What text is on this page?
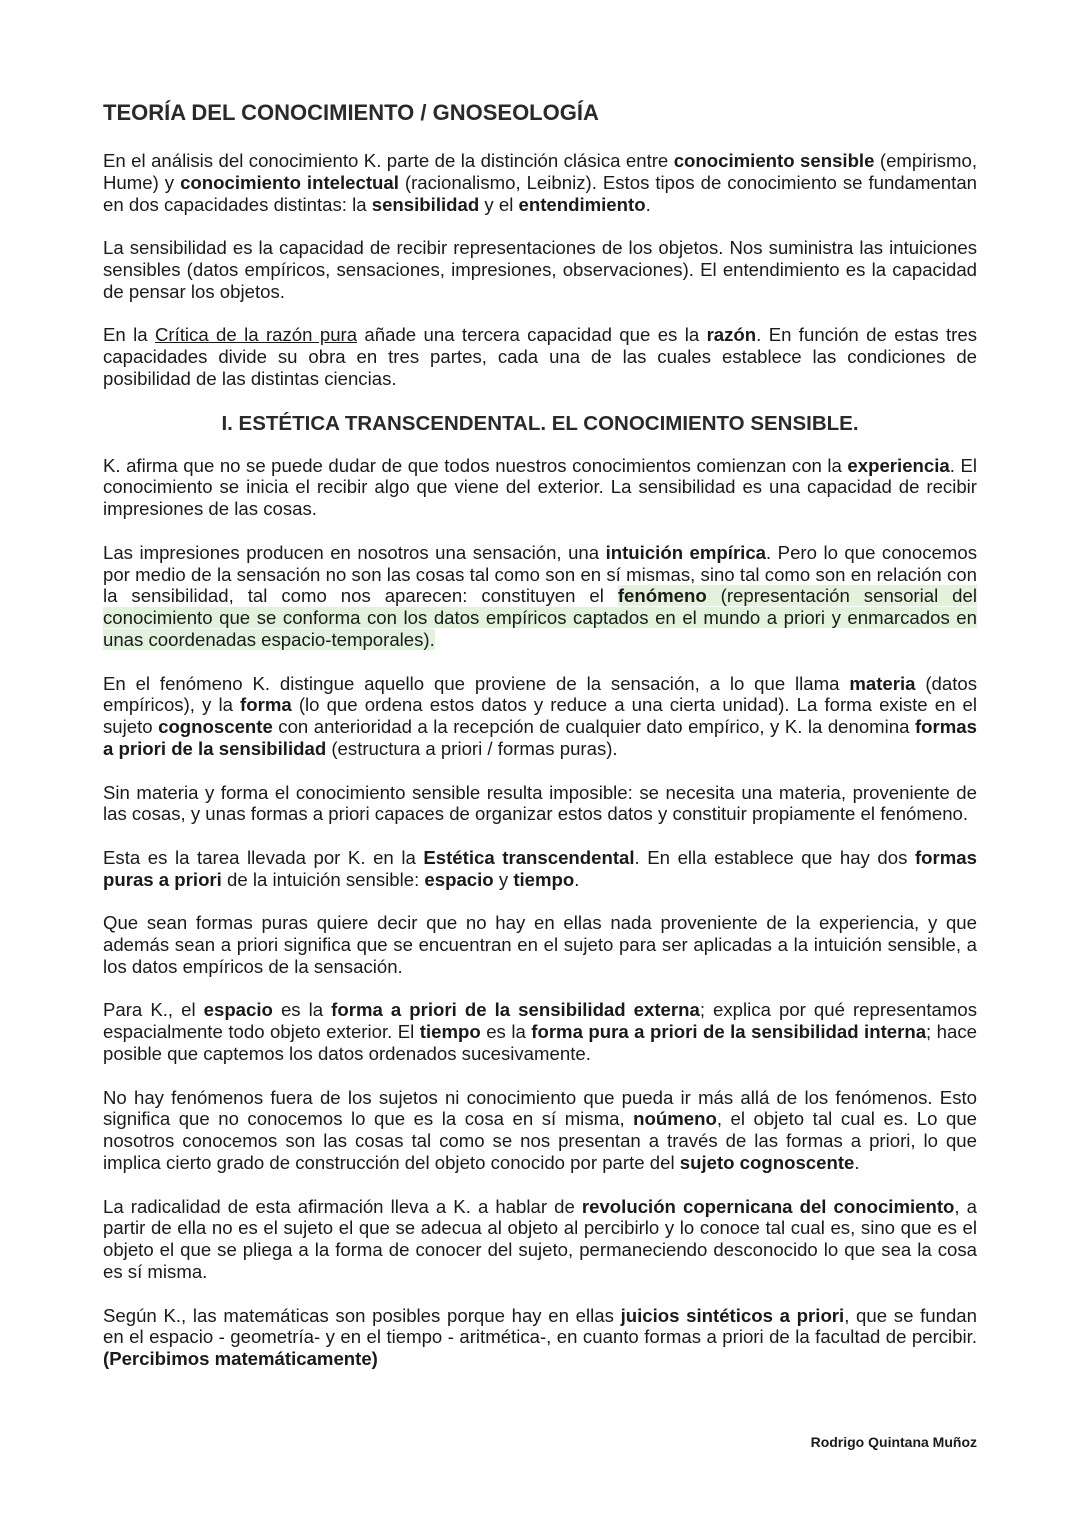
TEORÍA DEL CONOCIMIENTO / GNOSEOLOGÍA

En el análisis del conocimiento K. parte de la distinción clásica entre conocimiento sensible (empirismo, Hume) y conocimiento intelectual (racionalismo, Leibniz). Estos tipos de conocimiento se fundamentan en dos capacidades distintas: la sensibilidad y el entendimiento.

La sensibilidad es la capacidad de recibir representaciones de los objetos. Nos suministra las intuiciones sensibles (datos empíricos, sensaciones, impresiones, observaciones). El entendimiento es la capacidad de pensar los objetos.

En la Crítica de la razón pura añade una tercera capacidad que es la razón. En función de estas tres capacidades divide su obra en tres partes, cada una de las cuales establece las condiciones de posibilidad de las distintas ciencias.

I. ESTÉTICA TRANSCENDENTAL. EL CONOCIMIENTO SENSIBLE.

K. afirma que no se puede dudar de que todos nuestros conocimientos comienzan con la experiencia. El conocimiento se inicia el recibir algo que viene del exterior. La sensibilidad es una capacidad de recibir impresiones de las cosas.

Las impresiones producen en nosotros una sensación, una intuición empírica. Pero lo que conocemos por medio de la sensación no son las cosas tal como son en sí mismas, sino tal como son en relación con la sensibilidad, tal como nos aparecen: constituyen el fenómeno (representación sensorial del conocimiento que se conforma con los datos empíricos captados en el mundo a priori y enmarcados en unas coordenadas espacio-temporales).

En el fenómeno K. distingue aquello que proviene de la sensación, a lo que llama materia (datos empíricos), y la forma (lo que ordena estos datos y reduce a una cierta unidad). La forma existe en el sujeto cognoscente con anterioridad a la recepción de cualquier dato empírico, y K. la denomina formas a priori de la sensibilidad (estructura a priori / formas puras).

Sin materia y forma el conocimiento sensible resulta imposible: se necesita una materia, proveniente de las cosas, y unas formas a priori capaces de organizar estos datos y constituir propiamente el fenómeno.

Esta es la tarea llevada por K. en la Estética transcendental. En ella establece que hay dos formas puras a priori de la intuición sensible: espacio y tiempo.

Que sean formas puras quiere decir que no hay en ellas nada proveniente de la experiencia, y que además sean a priori significa que se encuentran en el sujeto para ser aplicadas a la intuición sensible, a los datos empíricos de la sensación.

Para K., el espacio es la forma a priori de la sensibilidad externa; explica por qué representamos espacialmente todo objeto exterior. El tiempo es la forma pura a priori de la sensibilidad interna; hace posible que captemos los datos ordenados sucesivamente.

No hay fenómenos fuera de los sujetos ni conocimiento que pueda ir más allá de los fenómenos. Esto significa que no conocemos lo que es la cosa en sí misma, noúmeno, el objeto tal cual es. Lo que nosotros conocemos son las cosas tal como se nos presentan a través de las formas a priori, lo que implica cierto grado de construcción del objeto conocido por parte del sujeto cognoscente.

La radicalidad de esta afirmación lleva a K. a hablar de revolución copernicana del conocimiento, a partir de ella no es el sujeto el que se adecua al objeto al percibirlo y lo conoce tal cual es, sino que es el objeto el que se pliega a la forma de conocer del sujeto, permaneciendo desconocido lo que sea la cosa es sí misma.

Según K., las matemáticas son posibles porque hay en ellas juicios sintéticos a priori, que se fundan en el espacio - geometría- y en el tiempo - aritmética-, en cuanto formas a priori de la facultad de percibir. (Percibimos matemáticamente)

Rodrigo Quintana Muñoz
